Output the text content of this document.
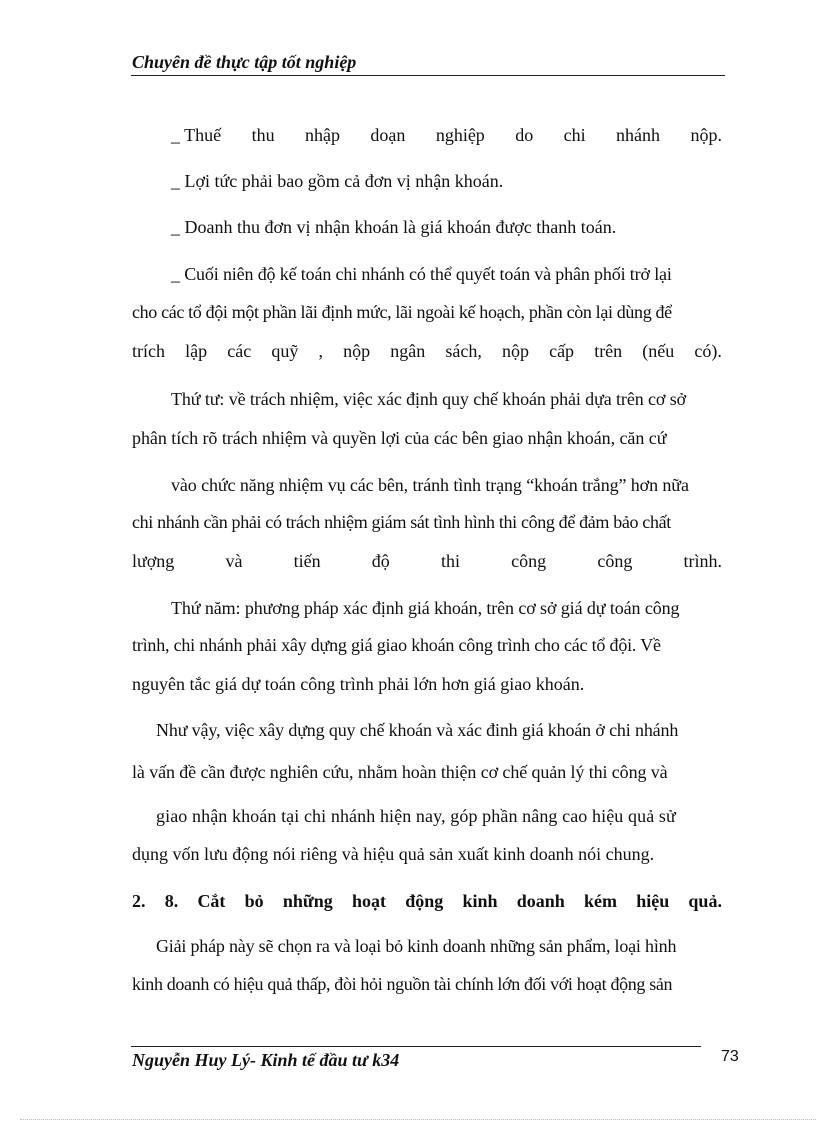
Chuyên đề thực tập tốt nghiệp
_ Thuế thu nhập doạn nghiệp do chi nhánh nộp.
_ Lợi tức phải bao gồm cả đơn vị nhận khoán.
_ Doanh thu đơn vị nhận khoán là giá khoán được thanh toán.
_ Cuối niên độ kế toán chi nhánh có thể quyết toán và phân phối trở lại
cho các tổ đội một phần lãi định mức, lãi ngoài kế hoạch, phần còn lại dùng để
trích lập các quỹ , nộp ngân sách, nộp cấp trên (nếu có).
Thứ tư: về trách nhiệm, việc xác định quy chế khoán phải dựa trên cơ sở
phân tích rõ trách nhiệm và quyền lợi của các bên giao nhận khoán, căn cứ
vào chức năng nhiệm vụ các bên, tránh tình trạng “khoán trắng” hơn nữa
chi nhánh cần phải có trách nhiệm giám sát tình hình thi công để đảm bảo chất
lượng	và	tiến	độ	thi	công	công	trình.
Thứ năm: phương pháp xác định giá khoán, trên cơ sở giá dự toán công
trình, chi nhánh phải xây dựng giá giao khoán công trình cho các tổ đội. Về
nguyên tắc giá dự toán công trình phải lớn hơn giá giao khoán.
Như vậy, việc xây dựng quy chế khoán và xác đinh giá khoán ở chi nhánh
là vấn đề cần được nghiên cứu, nhằm hoàn thiện cơ chế quản lý thi công và
giao nhận khoán tại chi nhánh hiện nay, góp phần nâng cao hiệu quả sử
dụng vốn lưu động nói riêng và hiệu quả sản xuất kinh doanh nói chung.
2. 8. Cắt bỏ những hoạt động kinh doanh kém hiệu quả.
Giải pháp này sẽ chọn ra và loại bỏ kinh doanh những sản phẩm, loại hình
kinh doanh có hiệu quả thấp, đòi hỏi nguồn tài chính lớn đối với hoạt động sản
Nguyễn Huy Lý- Kinh tế đầu tư k34	73
